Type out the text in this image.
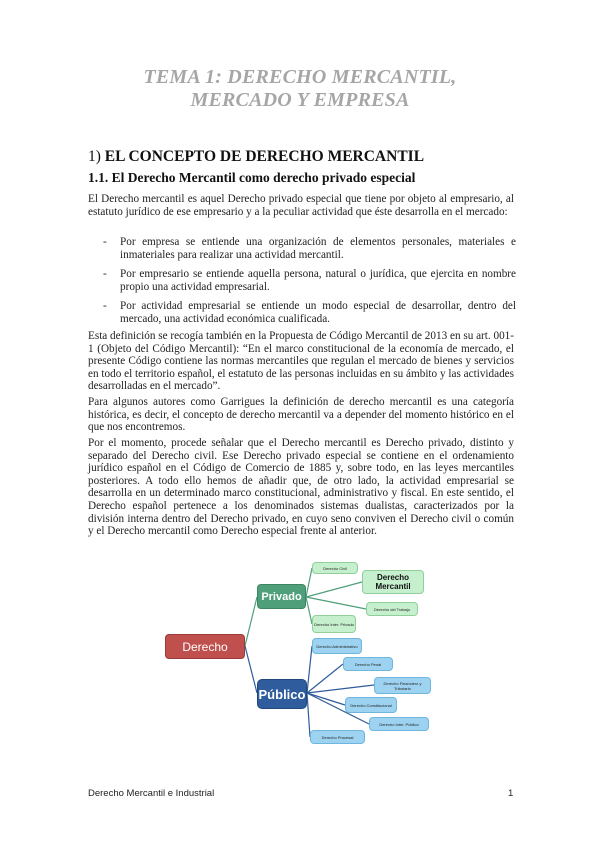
TEMA 1: DERECHO MERCANTIL,
MERCADO Y EMPRESA
1) EL CONCEPTO DE DERECHO MERCANTIL
1.1. El Derecho Mercantil como derecho privado especial

El Derecho mercantil es aquel Derecho privado especial que tiene por objeto al empresario, al estatuto jurídico de ese empresario y a la peculiar actividad que éste desarrolla en el mercado:

- Por empresa se entiende una organización de elementos personales, materiales e inmateriales para realizar una actividad mercantil.
- Por empresario se entiende aquella persona, natural o jurídica, que ejercita en nombre propio una actividad empresarial.
- Por actividad empresarial se entiende un modo especial de desarrollar, dentro del mercado, una actividad económica cualificada.

Esta definición se recogía también en la Propuesta de Código Mercantil de 2013 en su art. 001-1 (Objeto del Código Mercantil): “En el marco constitucional de la economía de mercado, el presente Código contiene las normas mercantiles que regulan el mercado de bienes y servicios en todo el territorio español, el estatuto de las personas incluidas en su ámbito y las actividades desarrolladas en el mercado”.

Para algunos autores como Garrigues la definición de derecho mercantil es una categoría histórica, es decir, el concepto de derecho mercantil va a depender del momento histórico en el que nos encontremos.

Por el momento, procede señalar que el Derecho mercantil es Derecho privado, distinto y separado del Derecho civil. Ese Derecho privado especial se contiene en el ordenamiento jurídico español en el Código de Comercio de 1885 y, sobre todo, en las leyes mercantiles posteriores. A todo ello hemos de añadir que, de otro lado, la actividad empresarial se desarrolla en un determinado marco constitucional, administrativo y fiscal. En este sentido, el Derecho español pertenece a los denominados sistemas dualistas, caracterizados por la división interna dentro del Derecho privado, en cuyo seno conviven el Derecho civil o común y el Derecho mercantil como Derecho especial frente al anterior.

Derecho
Privado
Público
Derecho Civil
Derecho Mercantil
Derecho del Trabajo
Derecho Inter. Privado
Derecho Administrativo
Derecho Penal
Derecho Financiero y Tributario
Derecho Constitucional
Derecho Inter. Público
Derecho Procesal
Derecho Mercantil e Industrial	1
